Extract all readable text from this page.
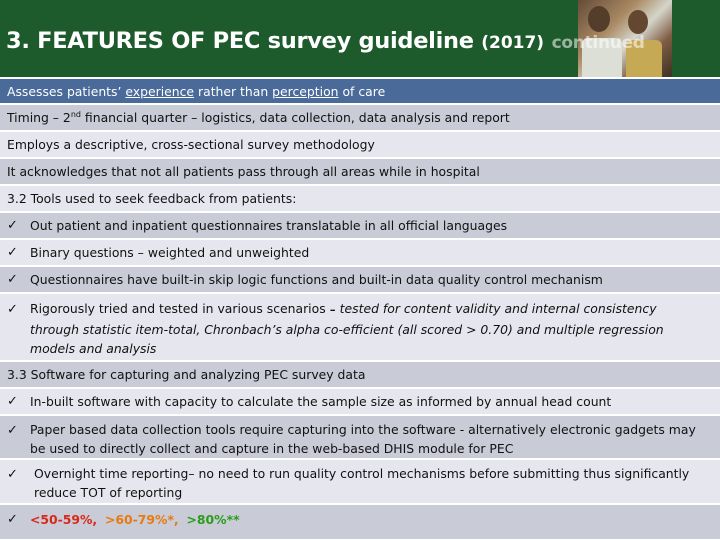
3. FEATURES OF PEC survey guideline (2017) continued
Assesses patients’ experience rather than perception of care
Timing – 2nd financial quarter – logistics, data collection, data analysis and report
Employs a descriptive, cross-sectional survey methodology
It acknowledges that not all patients pass through all areas while in hospital
3.2 Tools used to seek feedback from patients:
✓ Out patient and inpatient questionnaires translatable in all official languages
✓ Binary questions – weighted and unweighted
✓ Questionnaires have built-in skip logic functions and built-in data quality control mechanism
✓ Rigorously tried and tested in various scenarios - tested for content validity and internal consistency through statistic item-total, Chronbach’s alpha co-efficient (all scored > 0.70) and multiple regression models and analysis
3.3 Software for capturing and analyzing PEC survey data
✓ In-built software with capacity to calculate the sample size as informed by annual head count
✓ Paper based data collection tools require capturing into the software - alternatively electronic gadgets may be used to directly collect and capture in the web-based DHIS module for PEC
✓ Overnight time reporting– no need to run quality control mechanisms before submitting thus significantly reduce TOT of reporting
✓ <50-59%, >60-79%*, >80%**
